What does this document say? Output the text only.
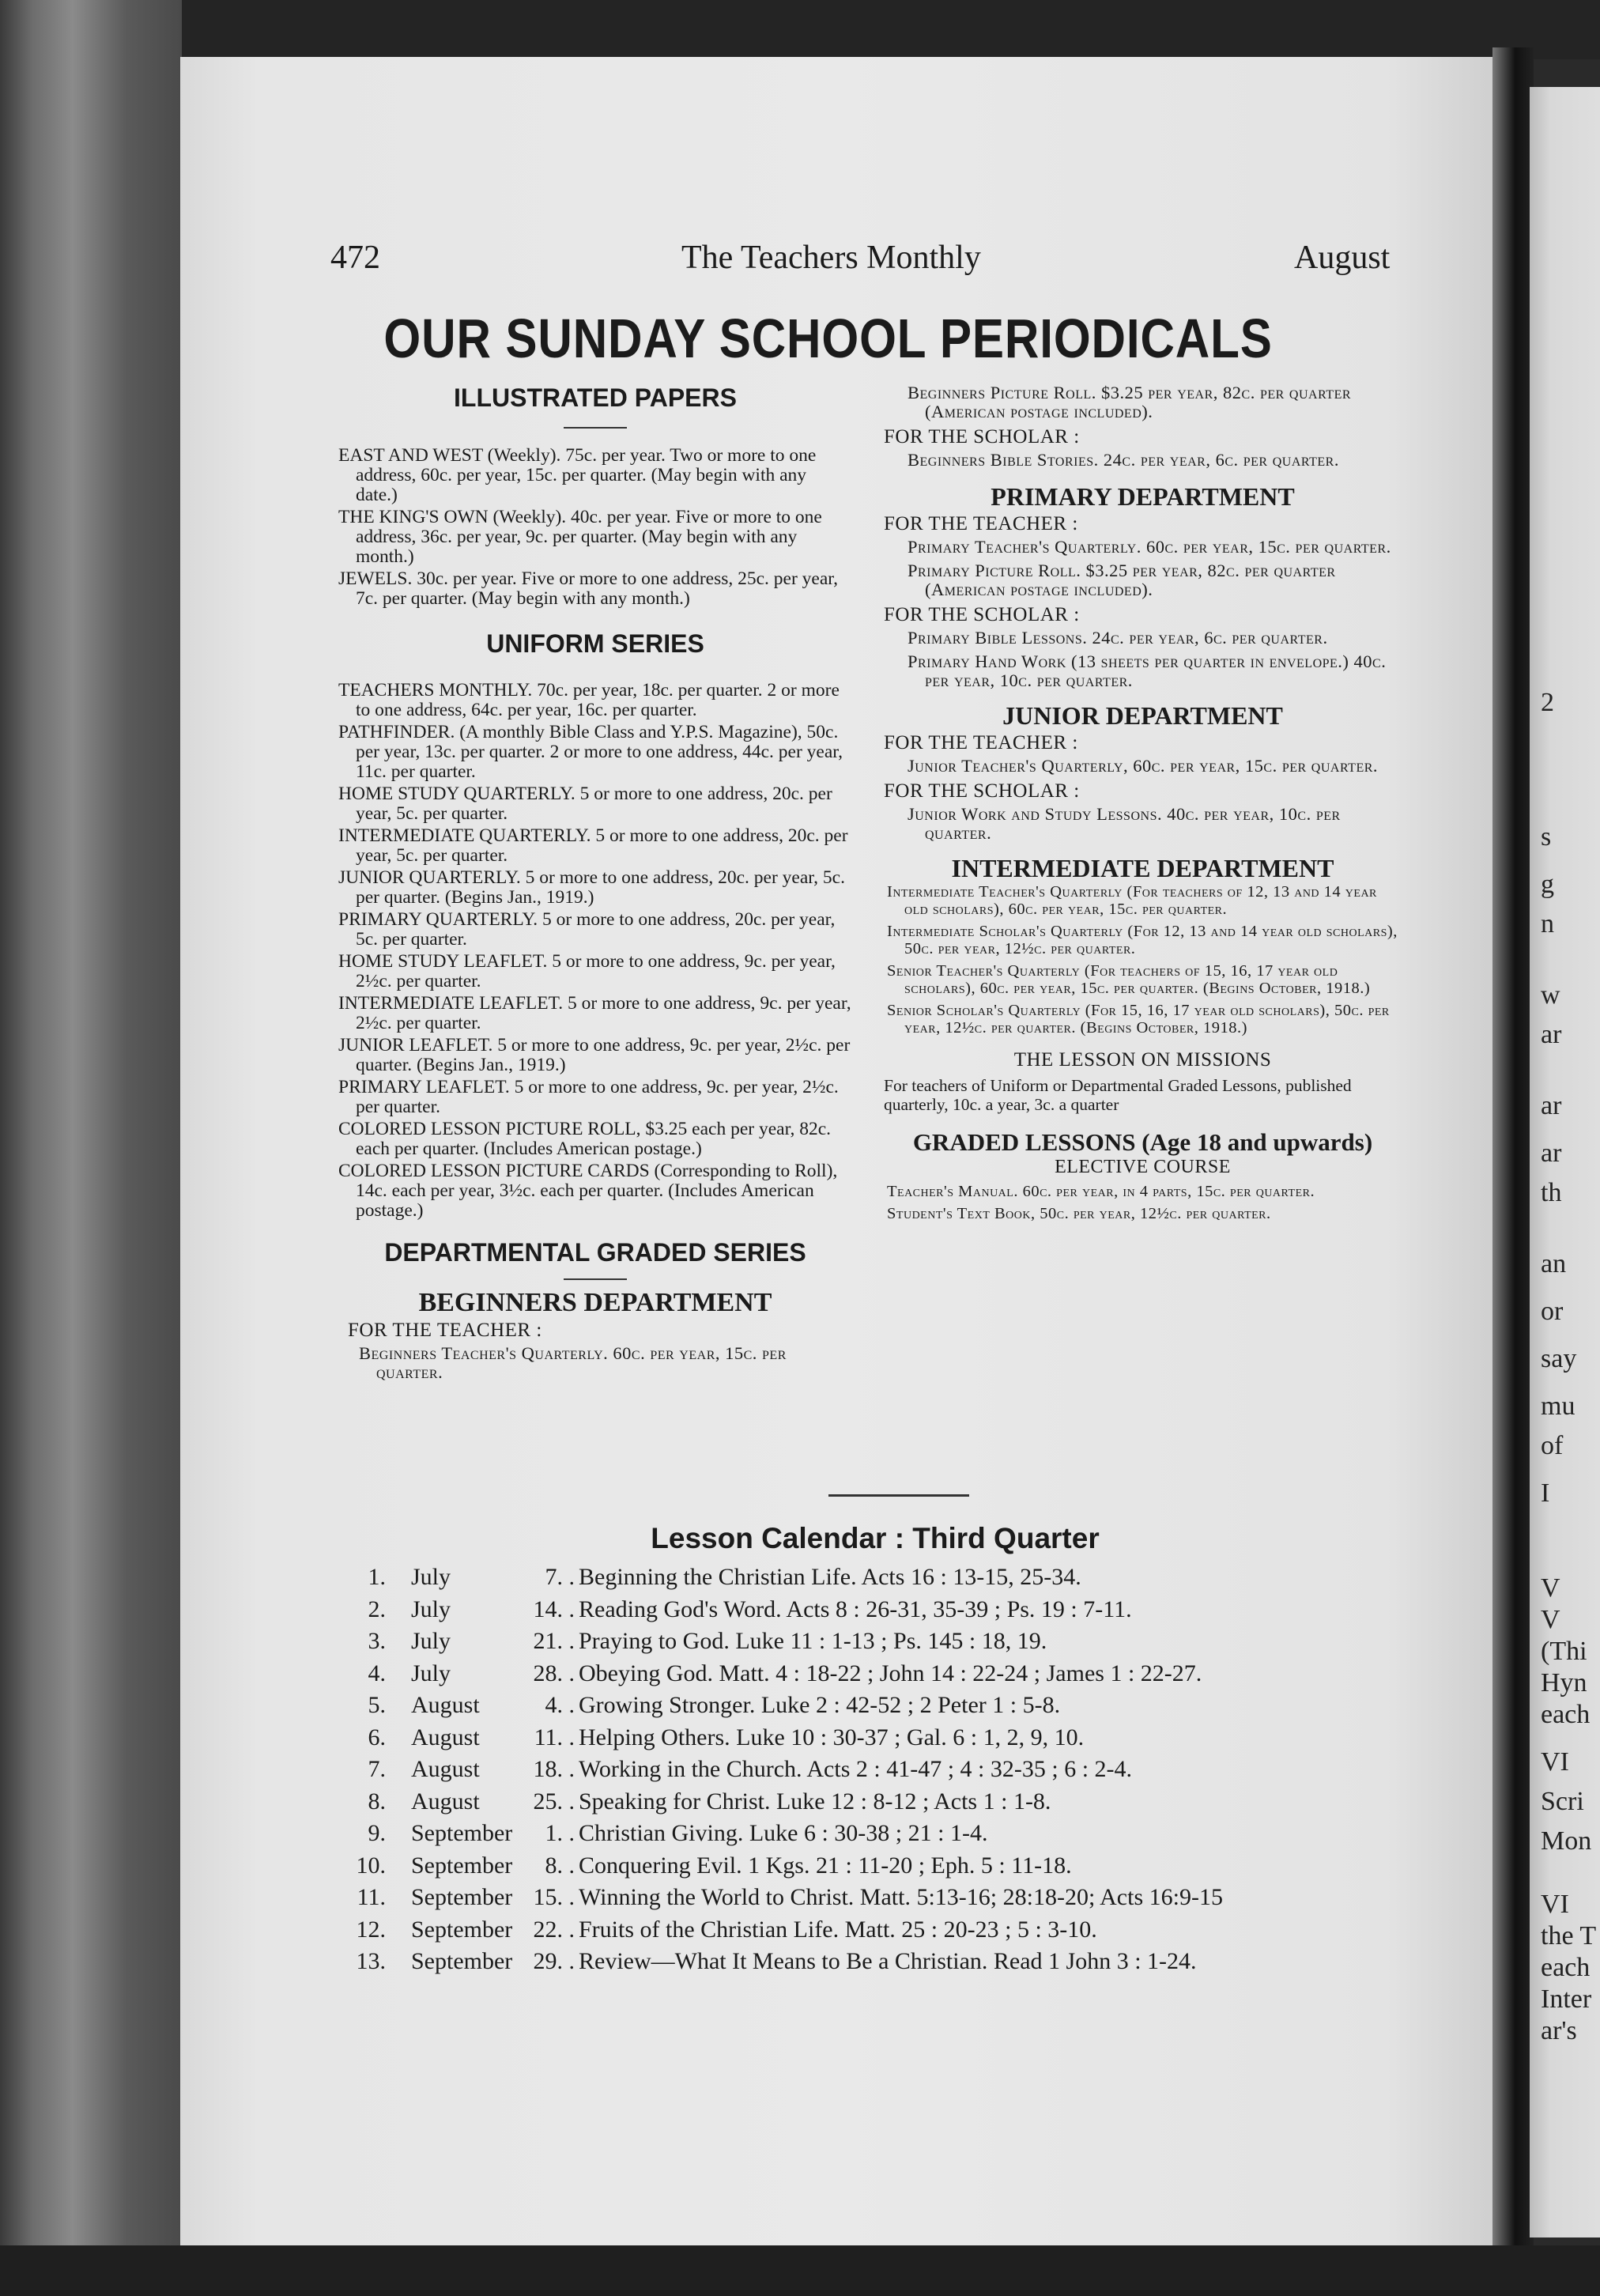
2
s
g
n
w
ar
ar
ar
th
an
or
say
mu
of
I
V
V
(Thi
Hyn
each
VI
Scri
Mon
VI
the T
each
Inter
ar's
472	The Teachers Monthly	August
OUR SUNDAY SCHOOL PERIODICALS
ILLUSTRATED PAPERS

EAST AND WEST (Weekly). 75c. per year. Two or more to one address, 60c. per year, 15c. per quarter. (May begin with any date.)

THE KING'S OWN (Weekly). 40c. per year. Five or more to one address, 36c. per year, 9c. per quarter. (May begin with any month.)

JEWELS. 30c. per year. Five or more to one address, 25c. per year, 7c. per quarter. (May begin with any month.)

UNIFORM SERIES

TEACHERS MONTHLY. 70c. per year, 18c. per quarter. 2 or more to one address, 64c. per year, 16c. per quarter.

PATHFINDER. (A monthly Bible Class and Y.P.S. Magazine), 50c. per year, 13c. per quarter. 2 or more to one address, 44c. per year, 11c. per quarter.

HOME STUDY QUARTERLY. 5 or more to one address, 20c. per year, 5c. per quarter.

INTERMEDIATE QUARTERLY. 5 or more to one address, 20c. per year, 5c. per quarter.

JUNIOR QUARTERLY. 5 or more to one address, 20c. per year, 5c. per quarter. (Begins Jan., 1919.)

PRIMARY QUARTERLY. 5 or more to one address, 20c. per year, 5c. per quarter.

HOME STUDY LEAFLET. 5 or more to one address, 9c. per year, 2½c. per quarter.

INTERMEDIATE LEAFLET. 5 or more to one address, 9c. per year, 2½c. per quarter.

JUNIOR LEAFLET. 5 or more to one address, 9c. per year, 2½c. per quarter. (Begins Jan., 1919.)

PRIMARY LEAFLET. 5 or more to one address, 9c. per year, 2½c. per quarter.

COLORED LESSON PICTURE ROLL, $3.25 each per year, 82c. each per quarter. (Includes American postage.)

COLORED LESSON PICTURE CARDS (Corresponding to Roll), 14c. each per year, 3½c. each per quarter. (Includes American postage.)

DEPARTMENTAL GRADED SERIES
BEGINNERS DEPARTMENT

FOR THE TEACHER :

Beginners Teacher's Quarterly. 60c. per year, 15c. per quarter.

Beginners Picture Roll. $3.25 per year, 82c. per quarter (American postage included).

FOR THE SCHOLAR :

Beginners Bible Stories. 24c. per year, 6c. per quarter.

PRIMARY DEPARTMENT

FOR THE TEACHER :

Primary Teacher's Quarterly. 60c. per year, 15c. per quarter.

Primary Picture Roll. $3.25 per year, 82c. per quarter (American postage included).

FOR THE SCHOLAR :

Primary Bible Lessons. 24c. per year, 6c. per quarter.

Primary Hand Work (13 sheets per quarter in envelope.) 40c. per year, 10c. per quarter.

JUNIOR DEPARTMENT

FOR THE TEACHER :

Junior Teacher's Quarterly, 60c. per year, 15c. per quarter.

FOR THE SCHOLAR :

Junior Work and Study Lessons. 40c. per year, 10c. per quarter.

INTERMEDIATE DEPARTMENT

Intermediate Teacher's Quarterly (For teachers of 12, 13 and 14 year old scholars), 60c. per year, 15c. per quarter.

Intermediate Scholar's Quarterly (For 12, 13 and 14 year old scholars), 50c. per year, 12½c. per quarter.

Senior Teacher's Quarterly (For teachers of 15, 16, 17 year old scholars), 60c. per year, 15c. per quarter. (Begins October, 1918.)

Senior Scholar's Quarterly (For 15, 16, 17 year old scholars), 50c. per year, 12½c. per quarter. (Begins October, 1918.)

THE LESSON ON MISSIONS

For teachers of Uniform or Departmental Graded Lessons, published quarterly, 10c. a year, 3c. a quarter

GRADED LESSONS (Age 18 and upwards)

ELECTIVE COURSE

Teacher's Manual. 60c. per year, in 4 parts, 15c. per quarter.

Student's Text Book, 50c. per year, 12½c. per quarter.

Lesson Calendar : Third Quarter
1. July	7. . Beginning the Christian Life. Acts 16 : 13-15, 25-34.
2. July	14. . Reading God's Word. Acts 8 : 26-31, 35-39 ; Ps. 19 : 7-11.
3. July	21. . Praying to God. Luke 11 : 1-13 ; Ps. 145 : 18, 19.
4. July	28. . Obeying God. Matt. 4 : 18-22 ; John 14 : 22-24 ; James 1 : 22-27.
5. August	4. . Growing Stronger. Luke 2 : 42-52 ; 2 Peter 1 : 5-8.
6. August	11. . Helping Others. Luke 10 : 30-37 ; Gal. 6 : 1, 2, 9, 10.
7. August	18. . Working in the Church. Acts 2 : 41-47 ; 4 : 32-35 ; 6 : 2-4.
8. August	25. . Speaking for Christ. Luke 12 : 8-12 ; Acts 1 : 1-8.
9. September	1. . Christian Giving. Luke 6 : 30-38 ; 21 : 1-4.
10. September	8. . Conquering Evil. 1 Kgs. 21 : 11-20 ; Eph. 5 : 11-18.
11. September 15. . Winning the World to Christ. Matt. 5:13-16; 28:18-20; Acts 16:9-15
12. September 22. . Fruits of the Christian Life. Matt. 25 : 20-23 ; 5 : 3-10.
13. September 29. . Review—What It Means to Be a Christian. Read 1 John 3 : 1-24.
